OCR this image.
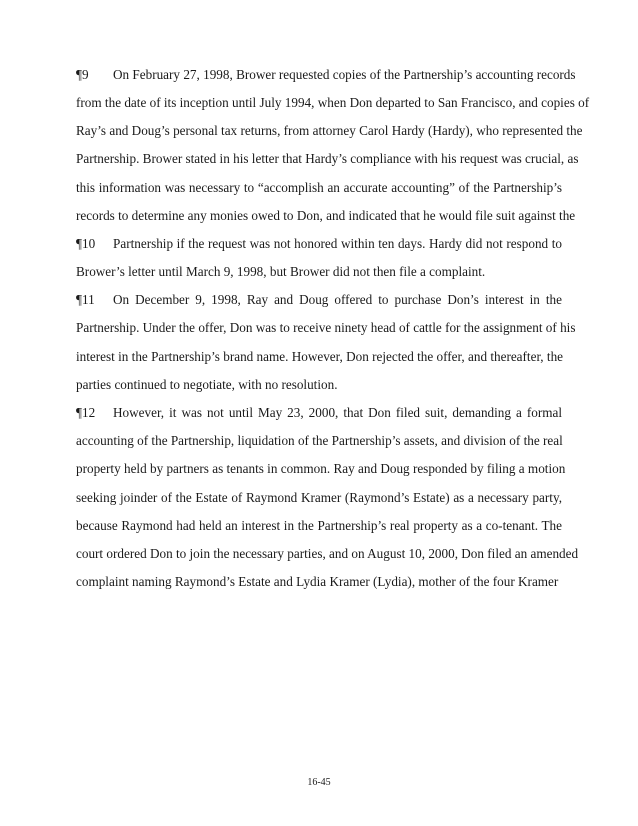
¶9	On February 27, 1998, Brower requested copies of the Partnership’s accounting records
from the date of its inception until July 1994, when Don departed to San Francisco, and copies of
Ray’s and Doug’s personal tax returns, from attorney Carol Hardy (Hardy), who represented the
Partnership. Brower stated in his letter that Hardy’s compliance with his request was crucial, as
this information was necessary to “accomplish an accurate accounting” of the Partnership’s
records to determine any monies owed to Don, and indicated that he would file suit against the
¶10	Partnership if the request was not honored within ten days. Hardy did not respond to
Brower’s letter until March 9, 1998, but Brower did not then file a complaint.
¶11	On December 9, 1998, Ray and Doug offered to purchase Don’s interest in the
Partnership. Under the offer, Don was to receive ninety head of cattle for the assignment of his
interest in the Partnership’s brand name. However, Don rejected the offer, and thereafter, the
parties continued to negotiate, with no resolution.
¶12	However, it was not until May 23, 2000, that Don filed suit, demanding a formal
accounting of the Partnership, liquidation of the Partnership’s assets, and division of the real
property held by partners as tenants in common. Ray and Doug responded by filing a motion
seeking joinder of the Estate of Raymond Kramer (Raymond’s Estate) as a necessary party,
because Raymond had held an interest in the Partnership’s real property as a co-tenant. The
court ordered Don to join the necessary parties, and on August 10, 2000, Don filed an amended
complaint naming Raymond’s Estate and Lydia Kramer (Lydia), mother of the four Kramer
16-45
